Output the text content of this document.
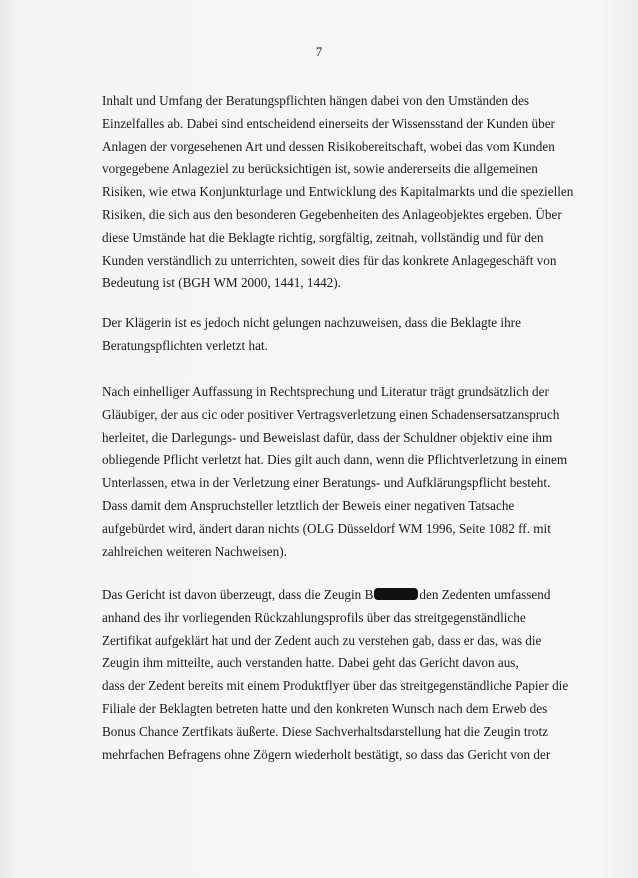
7
Inhalt und Umfang der Beratungspflichten hängen dabei von den Umständen des
Einzelfalles ab. Dabei sind entscheidend einerseits der Wissensstand der Kunden über
Anlagen der vorgesehenen Art und dessen Risikobereitschaft, wobei das vom Kunden
vorgegebene Anlageziel zu berücksichtigen ist, sowie andererseits die allgemeinen
Risiken, wie etwa Konjunkturlage und Entwicklung des Kapitalmarkts und die speziellen
Risiken, die sich aus den besonderen Gegebenheiten des Anlageobjektes ergeben. Über
diese Umstände hat die Beklagte richtig, sorgfältig, zeitnah, vollständig und für den
Kunden verständlich zu unterrichten, soweit dies für das konkrete Anlagegeschäft von
Bedeutung ist (BGH WM 2000, 1441, 1442).
Der Klägerin ist es jedoch nicht gelungen nachzuweisen, dass die Beklagte ihre
Beratungspflichten verletzt hat.
Nach einhelliger Auffassung in Rechtsprechung und Literatur trägt grundsätzlich der
Gläubiger, der aus cic oder positiver Vertragsverletzung einen Schadensersatzanspruch
herleitet, die Darlegungs- und Beweislast dafür, dass der Schuldner objektiv eine ihm
obliegende Pflicht verletzt hat. Dies gilt auch dann, wenn die Pflichtverletzung in einem
Unterlassen, etwa in der Verletzung einer Beratungs- und Aufklärungspflicht besteht.
Dass damit dem Anspruchsteller letztlich der Beweis einer negativen Tatsache
aufgebürdet wird, ändert daran nichts (OLG Düsseldorf WM 1996, Seite 1082 ff. mit
zahlreichen weiteren Nachweisen).
Das Gericht ist davon überzeugt, dass die Zeugin B	den Zedenten umfassend
anhand des ihr vorliegenden Rückzahlungsprofils über das streitgegenständliche
Zertifikat aufgeklärt hat und der Zedent auch zu verstehen gab, dass er das, was die
Zeugin ihm mitteilte, auch verstanden hatte. Dabei geht das Gericht davon aus,
dass der Zedent bereits mit einem Produktflyer über das streitgegenständliche Papier die
Filiale der Beklagten betreten hatte und den konkreten Wunsch nach dem Erweb des
Bonus Chance Zertfikats äußerte. Diese Sachverhaltsdarstellung hat die Zeugin trotz
mehrfachen Befragens ohne Zögern wiederholt bestätigt, so dass das Gericht von der
